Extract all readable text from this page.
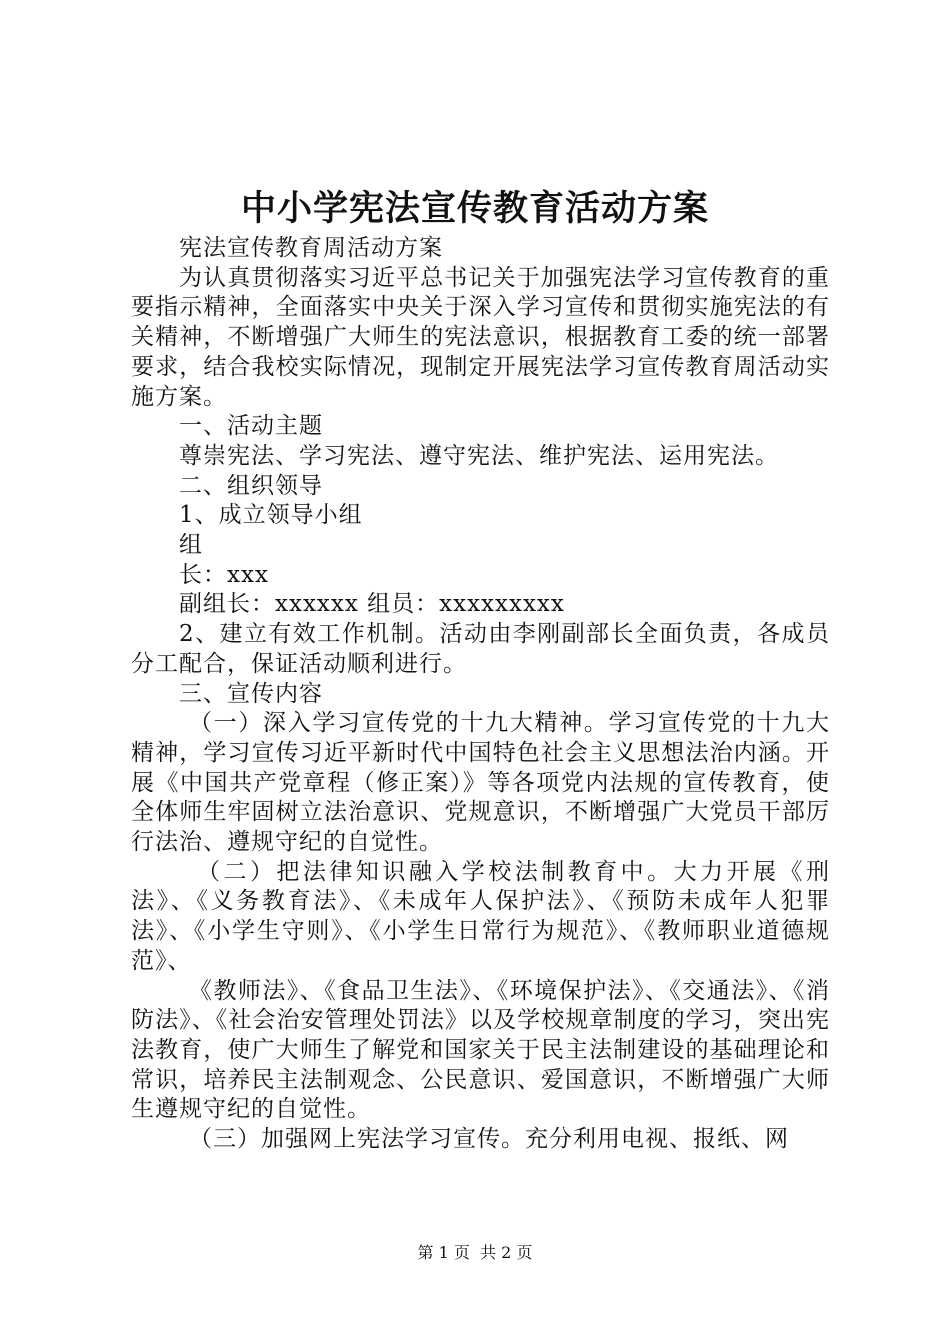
中小学宪法宣传教育活动方案

宪法宣传教育周活动方案

为认真贯彻落实习近平总书记关于加强宪法学习宣传教育的重要指示精神，全面落实中央关于深入学习宣传和贯彻实施宪法的有关精神，不断增强广大师生的宪法意识，根据教育工委的统一部署要求，结合我校实际情况，现制定开展宪法学习宣传教育周活动实施方案。

一、活动主题

尊崇宪法、学习宪法、遵守宪法、维护宪法、运用宪法。

二、组织领导

1、成立领导小组

组

长：xxx

副组长：xxxxxx 组员：xxxxxxxxx

2、建立有效工作机制。活动由李刚副部长全面负责，各成员分工配合，保证活动顺利进行。

三、宣传内容

（一）深入学习宣传党的十九大精神。学习宣传党的十九大精神，学习宣传习近平新时代中国特色社会主义思想法治内涵。开展《中国共产党章程（修正案）》等各项党内法规的宣传教育，使全体师生牢固树立法治意识、党规意识，不断增强广大党员干部厉行法治、遵规守纪的自觉性。

（二）把法律知识融入学校法制教育中。大力开展《刑法》、《义务教育法》、《未成年人保护法》、《预防未成年人犯罪法》、《小学生守则》、《小学生日常行为规范》、《教师职业道德规范》、

《教师法》、《食品卫生法》、《环境保护法》、《交通法》、《消防法》、《社会治安管理处罚法》以及学校规章制度的学习，突出宪法教育，使广大师生了解党和国家关于民主法制建设的基础理论和常识，培养民主法制观念、公民意识、爱国意识，不断增强广大师生遵规守纪的自觉性。

（三）加强网上宪法学习宣传。充分利用电视、报纸、网

第 1 页  共 2 页
